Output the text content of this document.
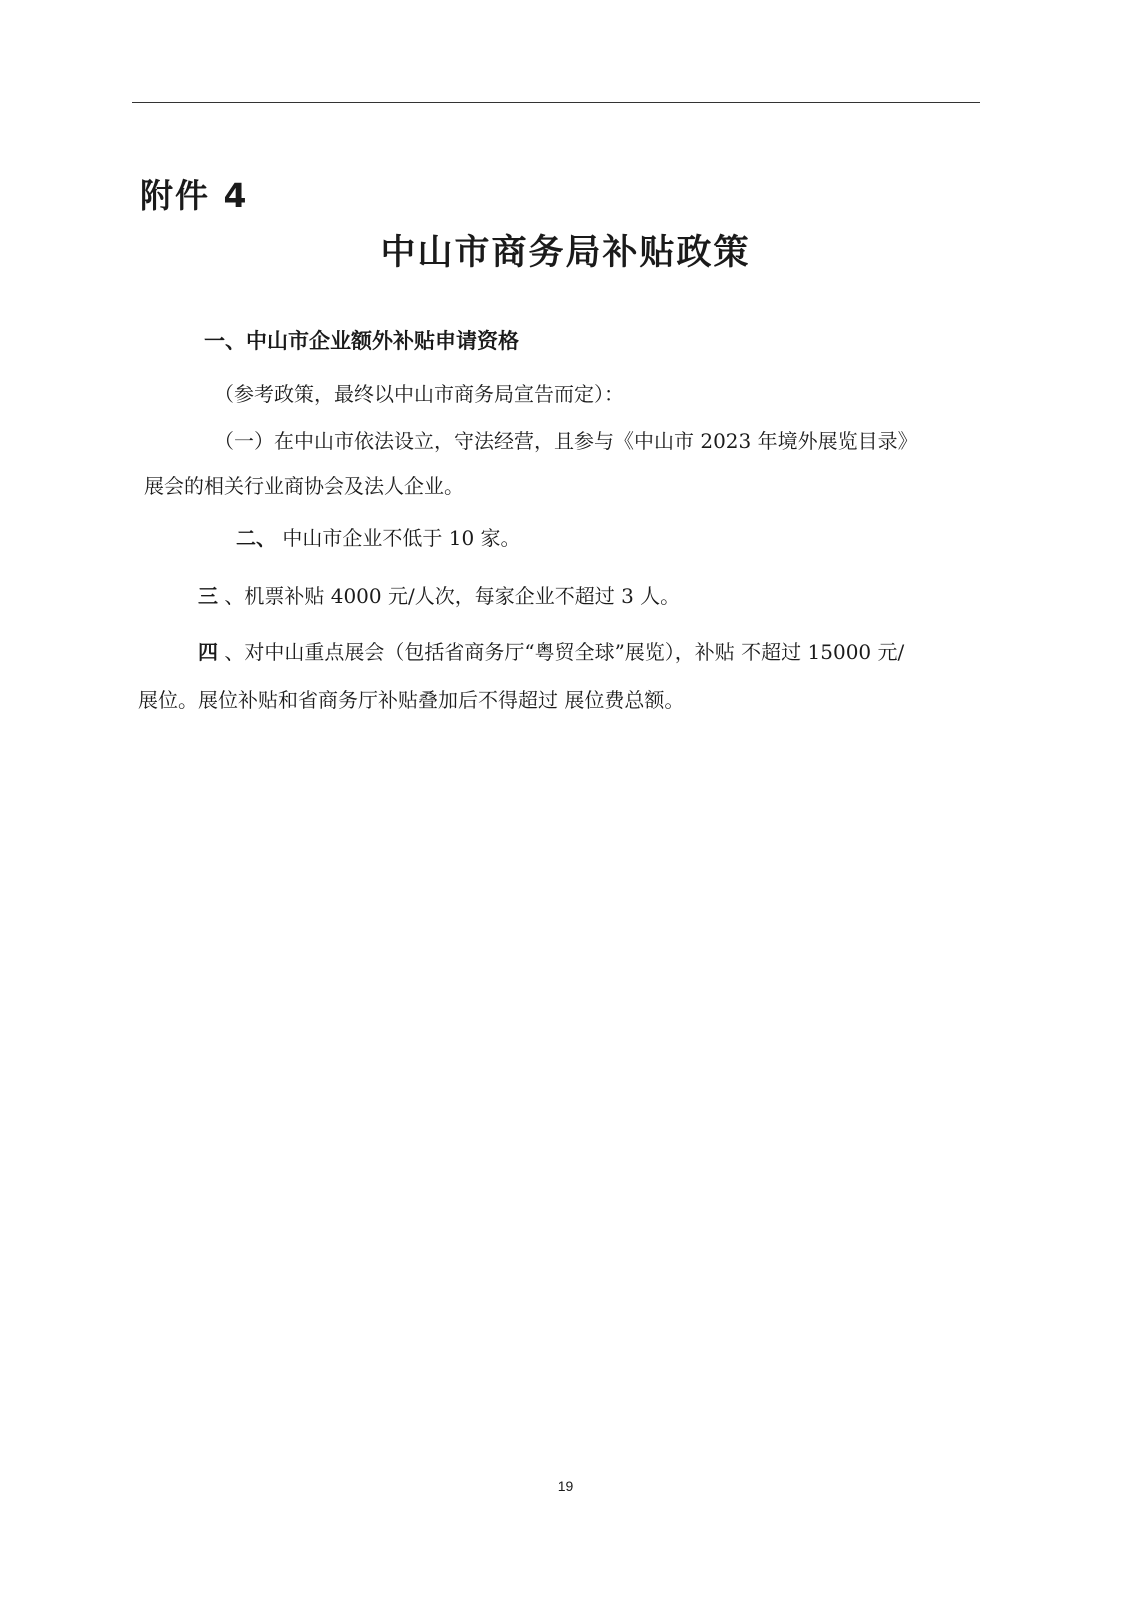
附件 4
中山市商务局补贴政策
一、中山市企业额外补贴申请资格
（参考政策，最终以中山市商务局宣告而定）：
（一）在中山市依法设立，守法经营，且参与《中山市 2023 年境外展览目录》
展会的相关行业商协会及法人企业。
二、 中山市企业不低于 10 家。
三 、机票补贴 4000 元/人次，每家企业不超过 3 人。
四 、对中山重点展会（包括省商务厅“粤贸全球”展览），补贴 不超过 15000 元/
展位。展位补贴和省商务厅补贴叠加后不得超过 展位费总额。
19
